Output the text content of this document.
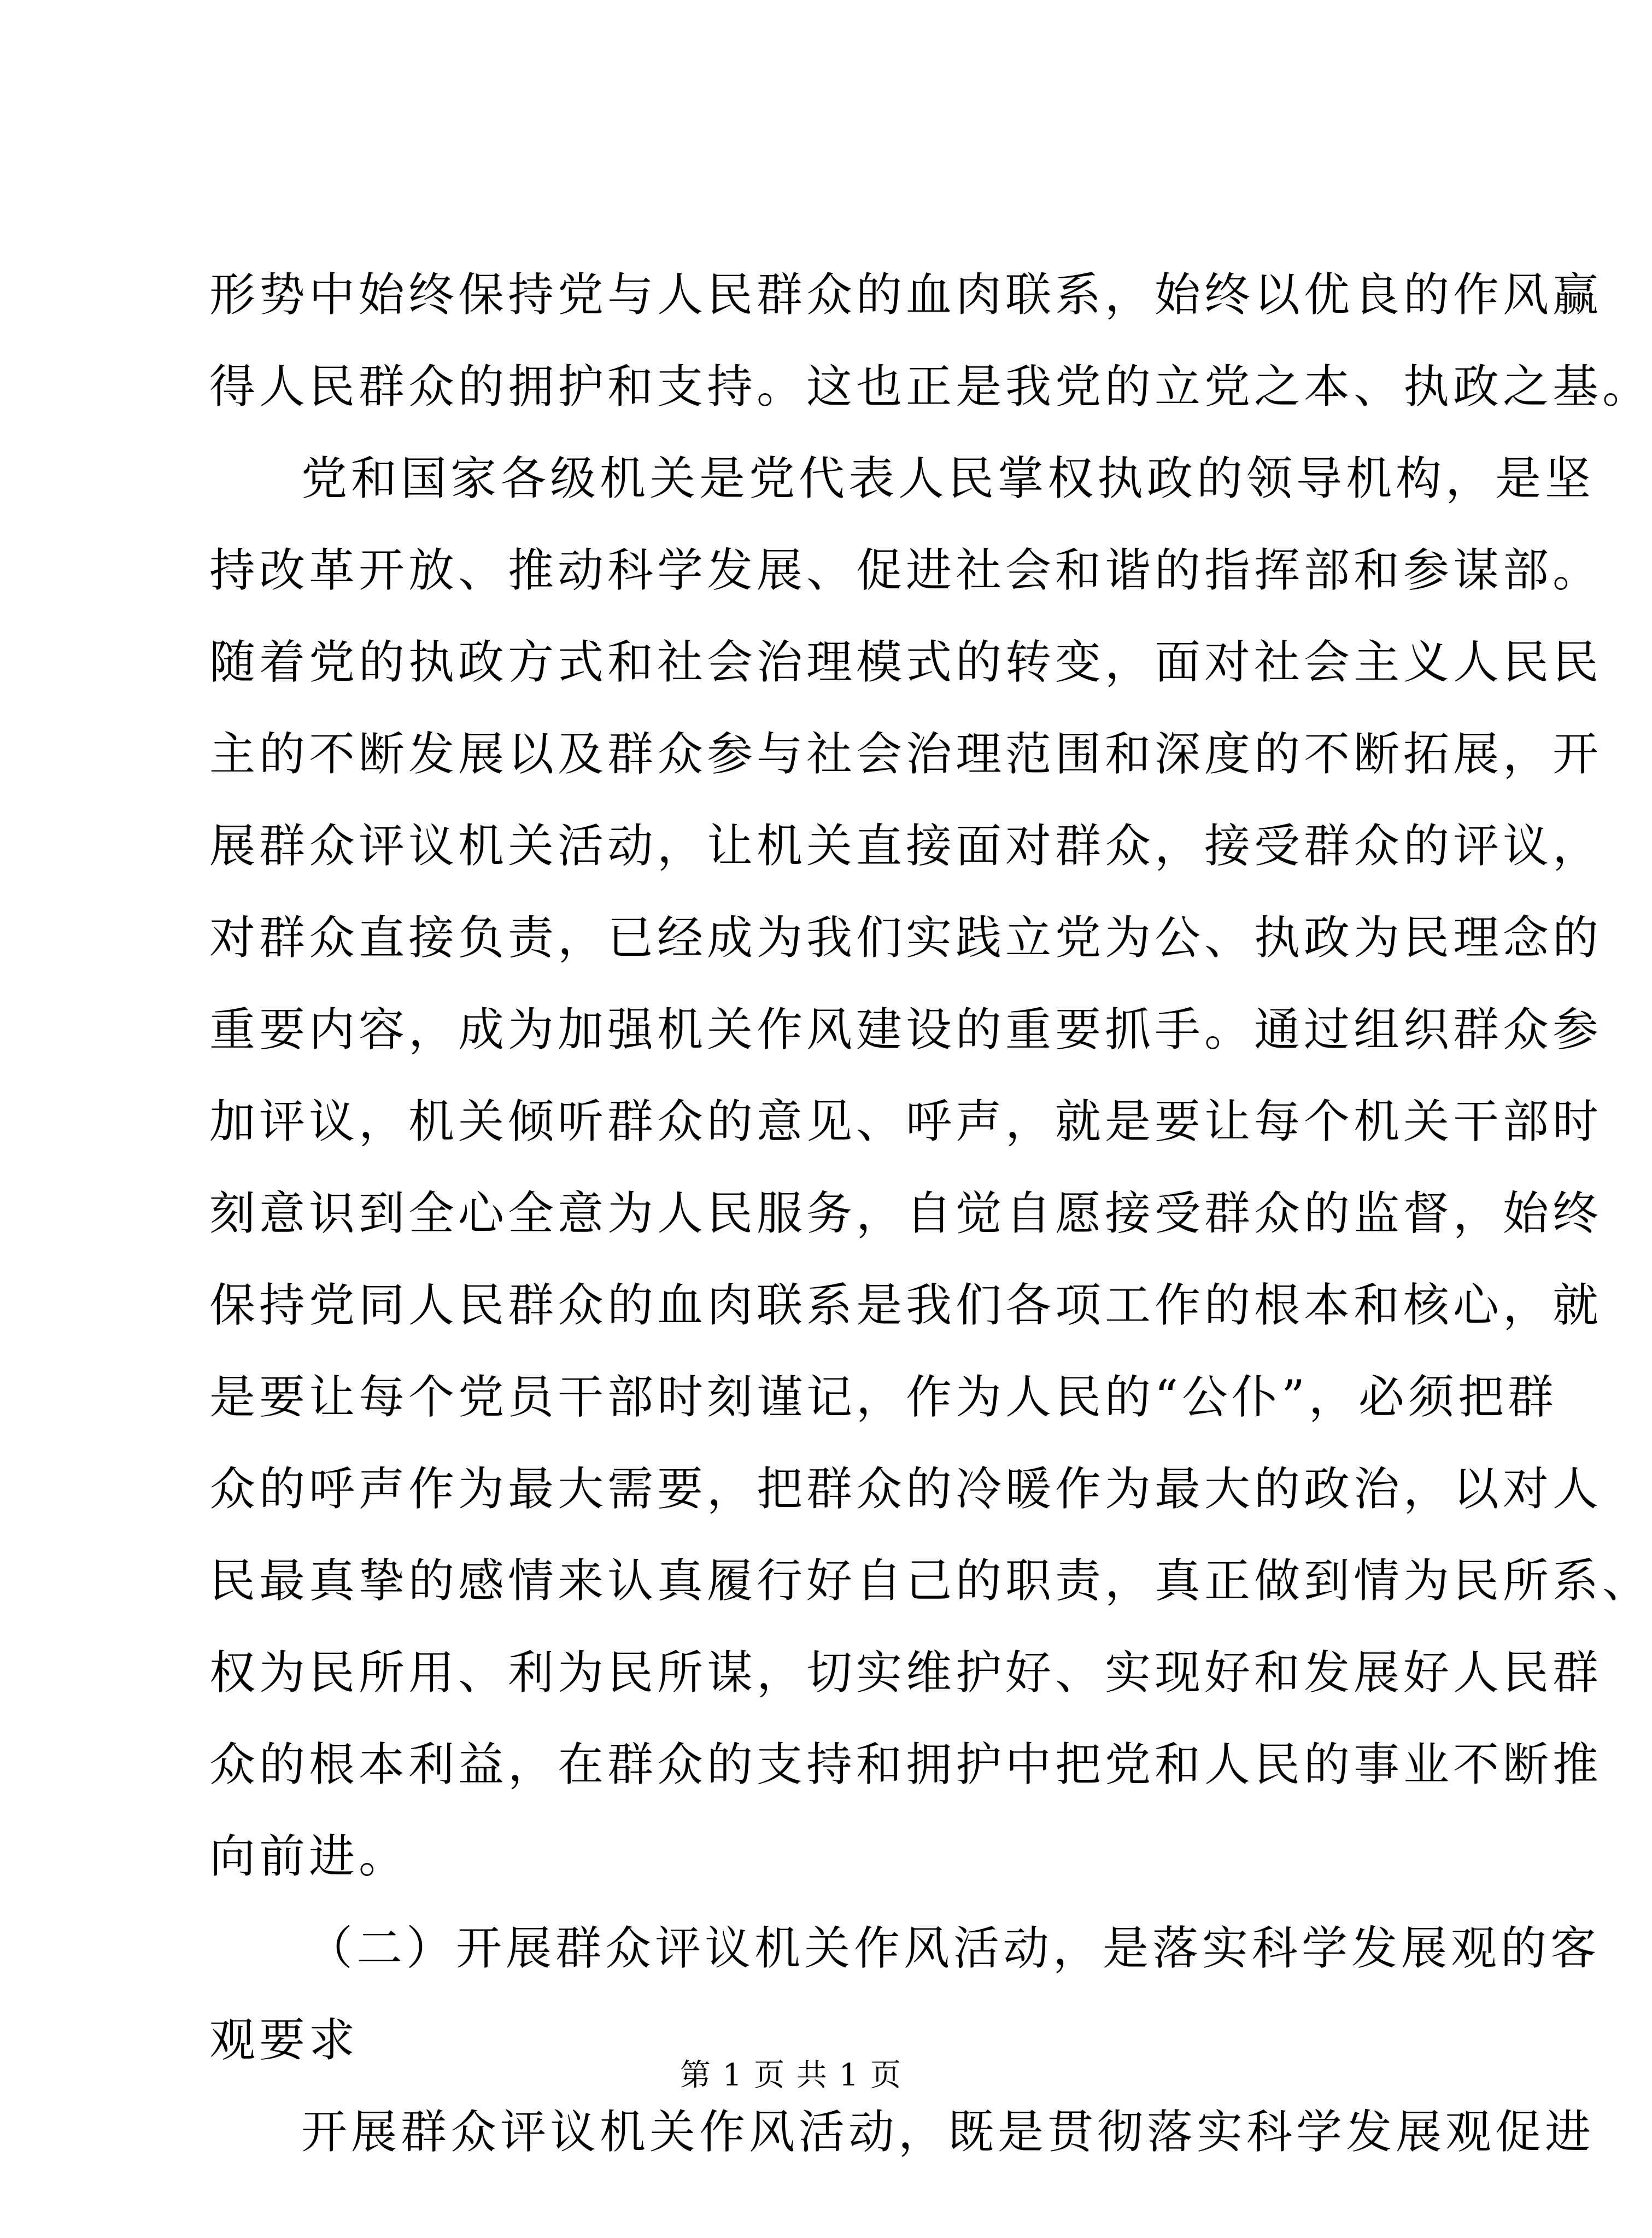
形势中始终保持党与人民群众的血肉联系，始终以优良的作风赢
得人民群众的拥护和支持。这也正是我党的立党之本、执政之基。
党和国家各级机关是党代表人民掌权执政的领导机构，是坚
持改革开放、推动科学发展、促进社会和谐的指挥部和参谋部。
随着党的执政方式和社会治理模式的转变，面对社会主义人民民
主的不断发展以及群众参与社会治理范围和深度的不断拓展，开
展群众评议机关活动，让机关直接面对群众，接受群众的评议，
对群众直接负责，已经成为我们实践立党为公、执政为民理念的
重要内容，成为加强机关作风建设的重要抓手。通过组织群众参
加评议，机关倾听群众的意见、呼声，就是要让每个机关干部时
刻意识到全心全意为人民服务，自觉自愿接受群众的监督，始终
保持党同人民群众的血肉联系是我们各项工作的根本和核心，就
是要让每个党员干部时刻谨记，作为人民的“公仆”，必须把群
众的呼声作为最大需要，把群众的冷暖作为最大的政治，以对人
民最真挚的感情来认真履行好自己的职责，真正做到情为民所系、
权为民所用、利为民所谋，切实维护好、实现好和发展好人民群
众的根本利益，在群众的支持和拥护中把党和人民的事业不断推
向前进。
（二）开展群众评议机关作风活动，是落实科学发展观的客
观要求
开展群众评议机关作风活动，既是贯彻落实科学发展观促进
第 1 页 共 1 页
